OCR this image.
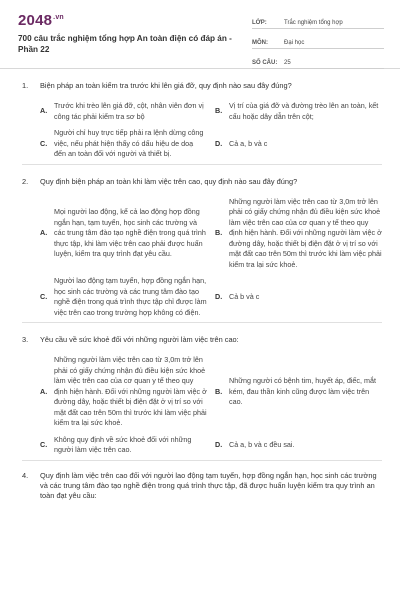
$2048^{.vn}$
700 câu trắc nghiệm tổng hợp An toàn điện có đáp án - Phần 22
LỚP:	Trắc nghiệm tổng hợp
MÔN:	Đại học
SỐ CÂU:	25
1.	Biện pháp an toàn kiểm tra trước khi lên giá đỡ, quy định nào sau đây đúng?
A.
Trước khi trèo lên giá đỡ, cột, nhân viên đơn vị công tác phải kiểm tra sơ bộ
B.
Vị trí của giá đỡ và đường trèo lên an toàn, kết cấu hoặc dây dẫn trên cột;
C.
Người chỉ huy trực tiếp phải ra lệnh dừng công việc, nếu phát hiện thấy có dấu hiệu de doạ đến an toàn đối với người và thiết bị.
D. Cả a, b và c
2.	Quy định biện pháp an toàn khi làm việc trên cao, quy định nào sau đây đúng?
A.
Mọi người lao động, kể cả lao động hợp đồng ngắn hạn, tạm tuyển, học sinh các trường và các trung tâm đào tạo nghề điện trong quá trình thực tập, khi làm việc trên cao phải được huấn luyện, kiểm tra quy trình đạt yêu cầu.
B.
Những người làm việc trên cao từ 3,0m trở lên phải có giấy chứng nhận đủ điều kiện sức khoẻ làm việc trên cao của cơ quan y tế theo quy định hiện hành. Đối với những người làm việc ở đường dây, hoặc thiết bị điện đặt ở vị trí so với mặt đất cao trên 50m thì trước khi làm việc phải kiểm tra lại sức khoẻ.
C.
Người lao động tạm tuyển, hợp đồng ngắn hạn, học sinh các trường và các trung tâm đào tạo nghề điện trong quá trình thực tập chỉ được làm việc trên cao trong trường hợp không có điện.
D. Cả b và c
3.	Yêu cầu về sức khoẻ đối với những người làm việc trên cao:
A.
Những người làm việc trên cao từ 3,0m trở lên phải có giấy chứng nhận đủ điều kiện sức khoẻ làm việc trên cao của cơ quan y tế theo quy định hiện hành. Đối với những người làm việc ở đường dây, hoặc thiết bị điện đặt ở vị trí so với mặt đất cao trên 50m thì trước khi làm việc phải kiểm tra lại sức khoẻ.
B.
Những người có bệnh tim, huyết áp, điếc, mắt kém, đau thần kinh cũng được làm việc trên cao.
C.
Không quy định về sức khoẻ đối với những người làm việc trên cao.
D. Cả a, b và c đều sai.
4.	Quy định làm việc trên cao đối với người lao động tạm tuyển, hợp đồng ngắn hạn, học sinh các trường và các trung tâm đào tạo nghề điện trong quá trình thực tập, đã được huấn luyện kiểm tra quy trình an toàn đạt yêu cầu:
